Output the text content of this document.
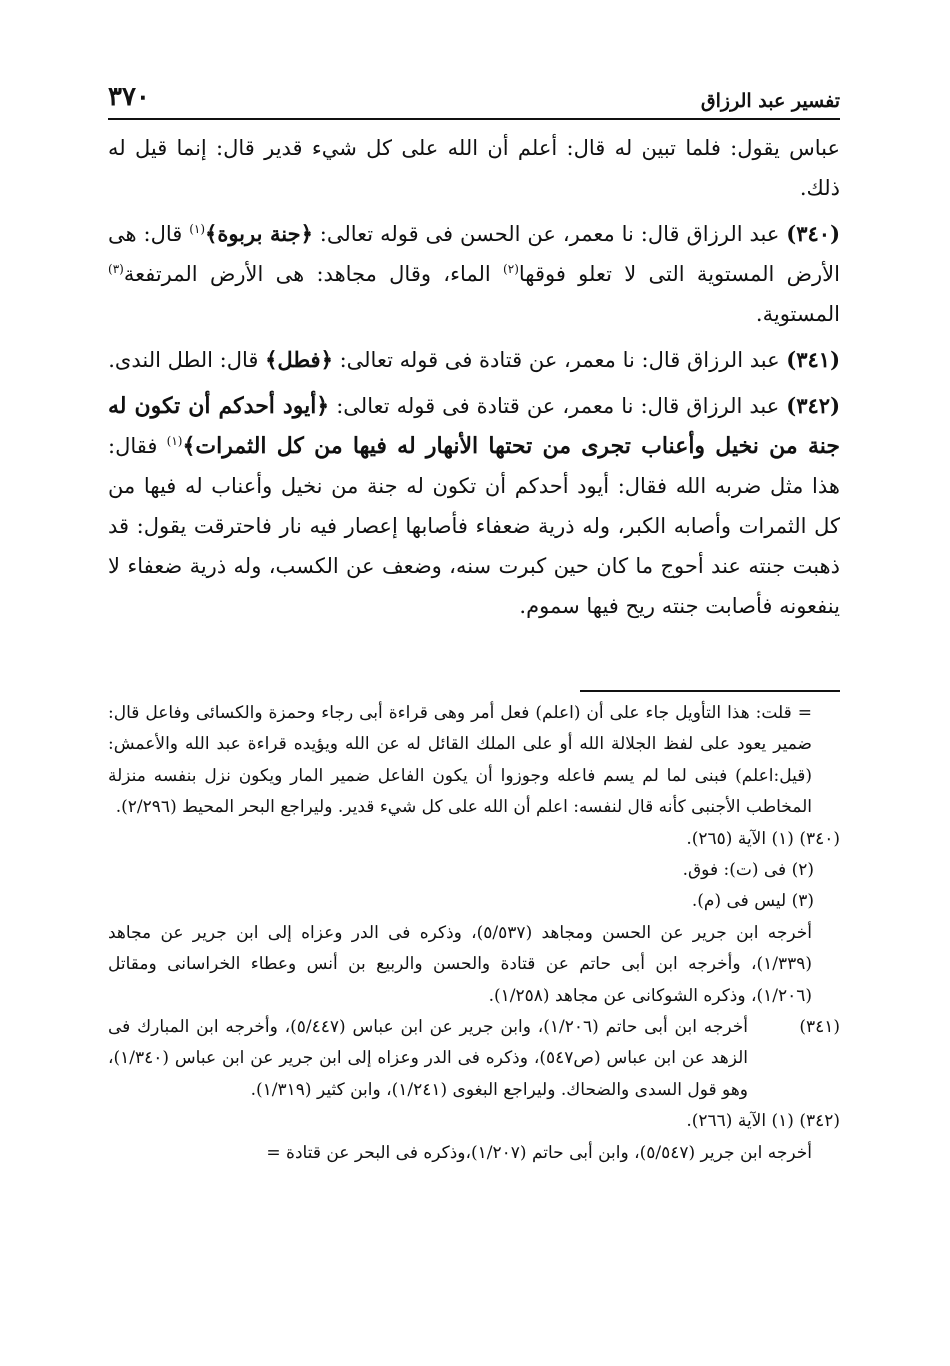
تفسير عبد الرزاق
٣٧٠

عباس يقول: فلما تبين له قال: أعلم أن الله على كل شيء قدير قال: إنما قيل له ذلك.

(٣٤٠) عبد الرزاق قال: نا معمر، عن الحسن فى قوله تعالى: ﴿جنة بربوة﴾$^{(١)}$ قال: هى الأرض المستوية التى لا تعلو فوقها$^{(٢)}$ الماء، وقال مجاهد: هى الأرض المرتفعة$^{(٣)}$ المستوية.

(٣٤١) عبد الرزاق قال: نا معمر، عن قتادة فى قوله تعالى: ﴿فطل﴾ قال: الطل الندى.

(٣٤٢) عبد الرزاق قال: نا معمر، عن قتادة فى قوله تعالى: ﴿أيود أحدكم أن تكون له جنة من نخيل وأعناب تجرى من تحتها الأنهار له فيها من كل الثمرات﴾$^{(١)}$ فقال: هذا مثل ضربه الله فقال: أيود أحدكم أن تكون له جنة من نخيل وأعناب له فيها من كل الثمرات وأصابه الكبر، وله ذرية ضعفاء فأصابها إعصار فيه نار فاحترقت يقول: قد ذهبت جنته عند أحوج ما كان حين كبرت سنه، وضعف عن الكسب، وله ذرية ضعفاء لا ينفعونه فأصابت جنته ريح فيها سموم.

= قلت: هذا التأويل جاء على أن (اعلم) فعل أمر وهى قراءة أبى رجاء وحمزة والكسائى وفاعل قال: ضمير يعود على لفظ الجلالة الله أو على الملك القائل له عن الله ويؤيده قراءة عبد الله والأعمش: (قيل:اعلم) فبنى لما لم يسم فاعله وجوزوا أن يكون الفاعل ضمير المار ويكون نزل بنفسه منزلة المخاطب الأجنبى كأنه قال لنفسه: اعلم أن الله على كل شيء قدير. وليراجع البحر المحيط (٢/٢٩٦).

(٣٤٠) (١) الآية (٢٦٥).

(٢) فى (ت): فوق.

(٣) ليس فى (م).

أخرجه ابن جرير عن الحسن ومجاهد (٥/٥٣٧)، وذكره فى الدر وعزاه إلى ابن جرير عن مجاهد (١/٣٣٩)، وأخرجه ابن أبى حاتم عن قتادة والحسن والربيع بن أنس وعطاء الخراسانى ومقاتل (١/٢٠٦)، وذكره الشوكانى عن مجاهد (١/٢٥٨).

(٣٤١)
أخرجه ابن أبى حاتم (١/٢٠٦)، وابن جرير عن ابن عباس (٥/٤٤٧)، وأخرجه ابن المبارك فى الزهد عن ابن عباس (ص٥٤٧)، وذكره فى الدر وعزاه إلى ابن جرير عن ابن عباس (١/٣٤٠)، وهو قول السدى والضحاك. وليراجع البغوى (١/٢٤١)، وابن كثير (١/٣١٩).

(٣٤٢) (١) الآية (٢٦٦).

أخرجه ابن جرير (٥/٥٤٧)، وابن أبى حاتم (١/٢٠٧)،وذكره فى البحر عن قتادة =
